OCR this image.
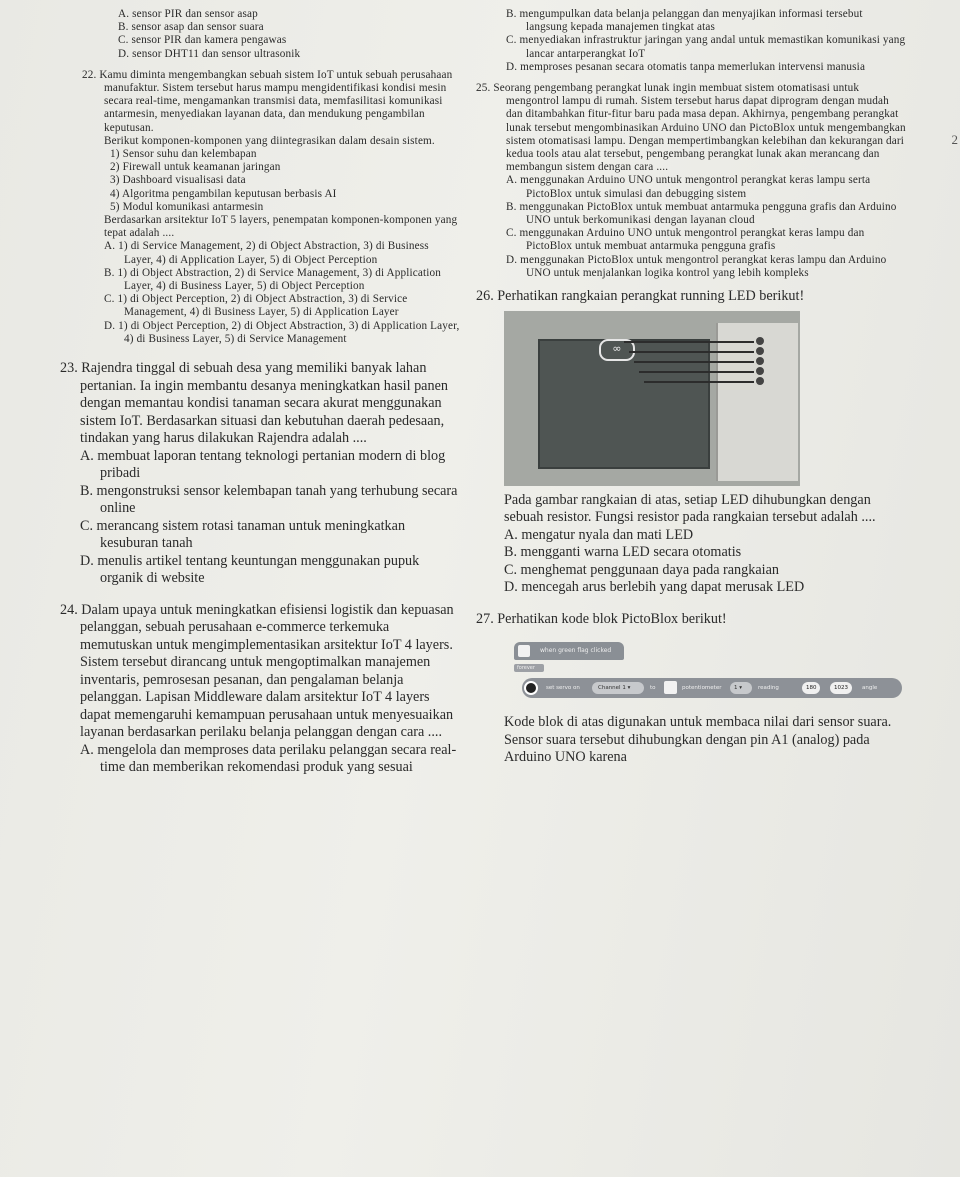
2

A. sensor PIR dan sensor asap

B. sensor asap dan sensor suara

C. sensor PIR dan kamera pengawas

D. sensor DHT11 dan sensor ultrasonik

22. Kamu diminta mengembangkan sebuah sistem IoT untuk sebuah perusahaan manufaktur. Sistem tersebut harus mampu mengidentifikasi kondisi mesin secara real-time, mengamankan transmisi data, memfasilitasi komunikasi antarmesin, menyediakan layanan data, dan mendukung pengambilan keputusan.

Berikut komponen-komponen yang diintegrasikan dalam desain sistem.

1) Sensor suhu dan kelembapan

2) Firewall untuk keamanan jaringan

3) Dashboard visualisasi data

4) Algoritma pengambilan keputusan berbasis AI

5) Modul komunikasi antarmesin

Berdasarkan arsitektur IoT 5 layers, penempatan komponen-komponen yang tepat adalah ....

A. 1) di Service Management, 2) di Object Abstraction, 3) di Business Layer, 4) di Application Layer, 5) di Object Perception

B. 1) di Object Abstraction, 2) di Service Management, 3) di Application Layer, 4) di Business Layer, 5) di Object Perception

C. 1) di Object Perception, 2) di Object Abstraction, 3) di Service Management, 4) di Business Layer, 5) di Application Layer

D. 1) di Object Perception, 2) di Object Abstraction, 3) di Application Layer, 4) di Business Layer, 5) di Service Management

23. Rajendra tinggal di sebuah desa yang memiliki banyak lahan pertanian. Ia ingin membantu desanya meningkatkan hasil panen dengan memantau kondisi tanaman secara akurat menggunakan sistem IoT. Berdasarkan situasi dan kebutuhan daerah pedesaan, tindakan yang harus dilakukan Rajendra adalah ....

A. membuat laporan tentang teknologi pertanian modern di blog pribadi

B. mengonstruksi sensor kelembapan tanah yang terhubung secara online

C. merancang sistem rotasi tanaman untuk meningkatkan kesuburan tanah

D. menulis artikel tentang keuntungan menggunakan pupuk organik di website

24. Dalam upaya untuk meningkatkan efisiensi logistik dan kepuasan pelanggan, sebuah perusahaan e-commerce terkemuka memutuskan untuk mengimplementasikan arsitektur IoT 4 layers. Sistem tersebut dirancang untuk mengoptimalkan manajemen inventaris, pemrosesan pesanan, dan pengalaman belanja pelanggan. Lapisan Middleware dalam arsitektur IoT 4 layers dapat memengaruhi kemampuan perusahaan untuk menyesuaikan layanan berdasarkan perilaku belanja pelanggan dengan cara ....

A. mengelola dan memproses data perilaku pelanggan secara real-time dan memberikan rekomendasi produk yang sesuai

B. mengumpulkan data belanja pelanggan dan menyajikan informasi tersebut langsung kepada manajemen tingkat atas

C. menyediakan infrastruktur jaringan yang andal untuk memastikan komunikasi yang lancar antarperangkat IoT

D. memproses pesanan secara otomatis tanpa memerlukan intervensi manusia

25. Seorang pengembang perangkat lunak ingin membuat sistem otomatisasi untuk mengontrol lampu di rumah. Sistem tersebut harus dapat diprogram dengan mudah dan ditambahkan fitur-fitur baru pada masa depan. Akhirnya, pengembang perangkat lunak tersebut mengombinasikan Arduino UNO dan PictoBlox untuk mengembangkan sistem otomatisasi lampu. Dengan mempertimbangkan kelebihan dan kekurangan dari kedua tools atau alat tersebut, pengembang perangkat lunak akan merancang dan membangun sistem dengan cara ....

A. menggunakan Arduino UNO untuk mengontrol perangkat keras lampu serta PictoBlox untuk simulasi dan debugging sistem

B. menggunakan PictoBlox untuk membuat antarmuka pengguna grafis dan Arduino UNO untuk berkomunikasi dengan layanan cloud

C. menggunakan Arduino UNO untuk mengontrol perangkat keras lampu dan PictoBlox untuk membuat antarmuka pengguna grafis

D. menggunakan PictoBlox untuk mengontrol perangkat keras lampu dan Arduino UNO untuk menjalankan logika kontrol yang lebih kompleks

26. Perhatikan rangkaian perangkat running LED berikut!

∞

Pada gambar rangkaian di atas, setiap LED dihubungkan dengan sebuah resistor. Fungsi resistor pada rangkaian tersebut adalah ....

A. mengatur nyala dan mati LED

B. mengganti warna LED secara otomatis

C. menghemat penggunaan daya pada rangkaian

D. mencegah arus berlebih yang dapat merusak LED

27. Perhatikan kode blok PictoBlox berikut!

when green flag clicked
forever
set servo on	Channel 1 ▾	to	potentiometer 1 ▾	reading	180	1023	angle

Kode blok di atas digunakan untuk membaca nilai dari sensor suara. Sensor suara tersebut dihubungkan dengan pin A1 (analog) pada Arduino UNO karena
